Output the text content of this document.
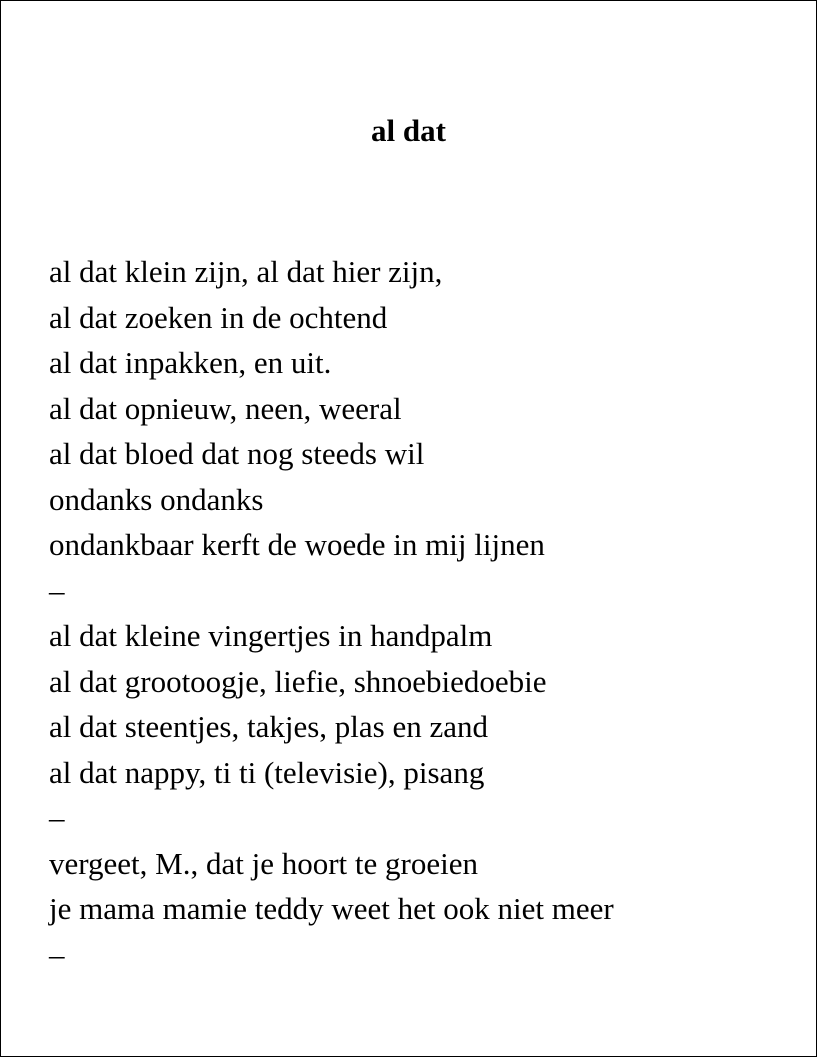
al dat
al dat klein zijn, al dat hier zijn,
al dat zoeken in de ochtend
al dat inpakken, en uit.
al dat opnieuw, neen, weeral
al dat bloed dat nog steeds wil
ondanks ondanks
ondankbaar kerft de woede in mij lijnen
–
al dat kleine vingertjes in handpalm
al dat grootoogje, liefie, shnoebiedoebie
al dat steentjes, takjes, plas en zand
al dat nappy, ti ti (televisie), pisang
–
vergeet, M., dat je hoort te groeien
je mama mamie teddy weet het ook niet meer
–
